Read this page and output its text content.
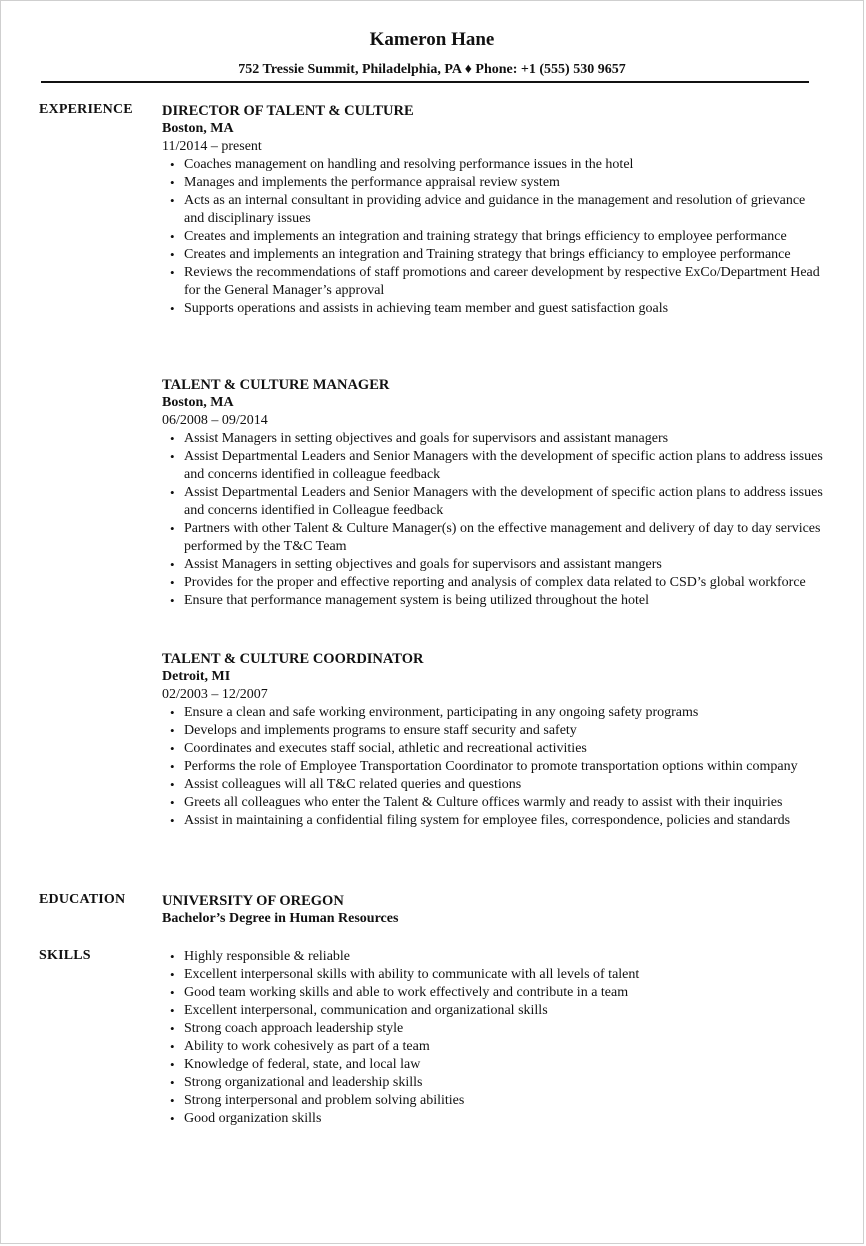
Kameron Hane
752 Tressie Summit, Philadelphia, PA ♦ Phone: +1 (555) 530 9657
EXPERIENCE DIRECTOR OF TALENT & CULTURE
Boston, MA
11/2014 – present
• Coaches management on handling and resolving performance issues in the hotel
• Manages and implements the performance appraisal review system
• Acts as an internal consultant in providing advice and guidance in the management and resolution of grievance and disciplinary issues
• Creates and implements an integration and training strategy that brings efficiency to employee performance
• Creates and implements an integration and Training strategy that brings efficiancy to employee performance
• Reviews the recommendations of staff promotions and career development by respective ExCo/Department Head for the General Manager’s approval
• Supports operations and assists in achieving team member and guest satisfaction goals
TALENT & CULTURE MANAGER
Boston, MA
06/2008 – 09/2014
• Assist Managers in setting objectives and goals for supervisors and assistant managers
• Assist Departmental Leaders and Senior Managers with the development of specific action plans to address issues and concerns identified in colleague feedback
• Assist Departmental Leaders and Senior Managers with the development of specific action plans to address issues and concerns identified in Colleague feedback
• Partners with other Talent & Culture Manager(s) on the effective management and delivery of day to day services performed by the T&C Team
• Assist Managers in setting objectives and goals for supervisors and assistant mangers
• Provides for the proper and effective reporting and analysis of complex data related to CSD’s global workforce
• Ensure that performance management system is being utilized throughout the hotel
TALENT & CULTURE COORDINATOR
Detroit, MI
02/2003 – 12/2007
• Ensure a clean and safe working environment, participating in any ongoing safety programs
• Develops and implements programs to ensure staff security and safety
• Coordinates and executes staff social, athletic and recreational activities
• Performs the role of Employee Transportation Coordinator to promote transportation options within company
• Assist colleagues will all T&C related queries and questions
• Greets all colleagues who enter the Talent & Culture offices warmly and ready to assist with their inquiries
• Assist in maintaining a confidential filing system for employee files, correspondence, policies and standards
EDUCATION	UNIVERSITY OF OREGON
Bachelor’s Degree in Human Resources
SKILLS
•	Highly responsible & reliable
• Excellent interpersonal skills with ability to communicate with all levels of talent
• Good team working skills and able to work effectively and contribute in a team
• Excellent interpersonal, communication and organizational skills
• Strong coach approach leadership style
• Ability to work cohesively as part of a team
• Knowledge of federal, state, and local law
• Strong organizational and leadership skills
• Strong interpersonal and problem solving abilities
• Good organization skills
